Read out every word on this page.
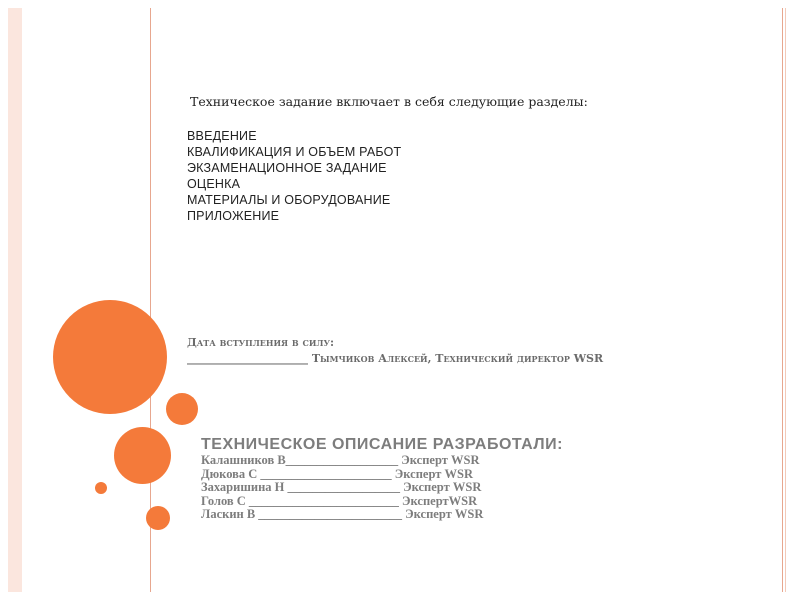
Техническое задание включает в себя следующие разделы:
ВВЕДЕНИЕ
КВАЛИФИКАЦИЯ И ОБЪЕМ РАБОТ
ЭКЗАМЕНАЦИОННОЕ ЗАДАНИЕ
ОЦЕНКА
МАТЕРИАЛЫ И ОБОРУДОВАНИЕ
ПРИЛОЖЕНИЕ
Дата вступления в силу:
______________________ Тымчиков Алексей, Технический директор WSR
ТЕХНИЧЕСКОЕ ОПИСАНИЕ РАЗРАБОТАЛИ:
Калашников В__________________ Эксперт WSR
Дюкова С _____________________ Эксперт WSR
Захаришина Н __________________ Эксперт WSR
Голов С ________________________ ЭкспертWSR
Ласкин В _______________________ Эксперт WSR
